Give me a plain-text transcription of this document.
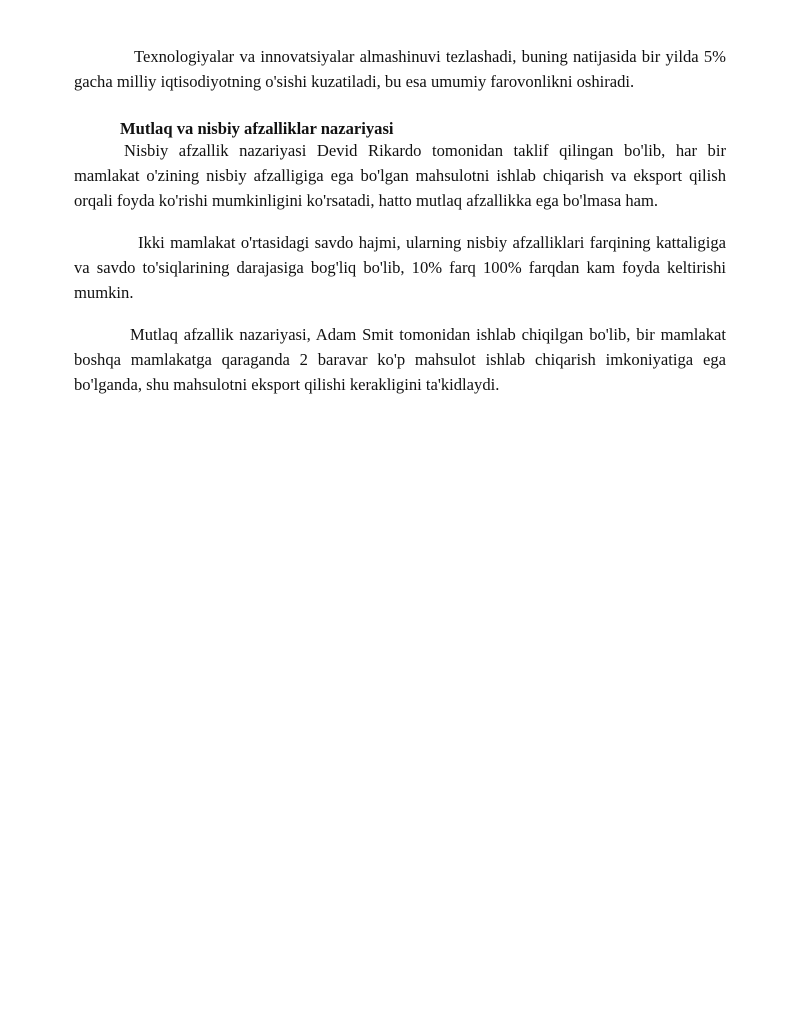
Texnologiyalar va innovatsiyalar almashinuvi tezlashadi, buning natijasida bir yilda 5% gacha milliy iqtisodiyotning o'sishi kuzatiladi, bu esa umumiy farovonlikni oshiradi.

Mutlaq va nisbiy afzalliklar nazariyasi

Nisbiy afzallik nazariyasi Devid Rikardo tomonidan taklif qilingan bo'lib, har bir mamlakat o'zining nisbiy afzalligiga ega bo'lgan mahsulotni ishlab chiqarish va eksport qilish orqali foyda ko'rishi mumkinligini ko'rsatadi, hatto mutlaq afzallikka ega bo'lmasa ham.

Ikki mamlakat o'rtasidagi savdo hajmi, ularning nisbiy afzalliklari farqining kattaligiga va savdo to'siqlarining darajasiga bog'liq bo'lib, 10% farq 100% farqdan kam foyda keltirishi mumkin.

Mutlaq afzallik nazariyasi, Adam Smit tomonidan ishlab chiqilgan bo'lib, bir mamlakat boshqa mamlakatga qaraganda 2 baravar ko'p mahsulot ishlab chiqarish imkoniyatiga ega bo'lganda, shu mahsulotni eksport qilishi kerakligini ta'kidlaydi.
